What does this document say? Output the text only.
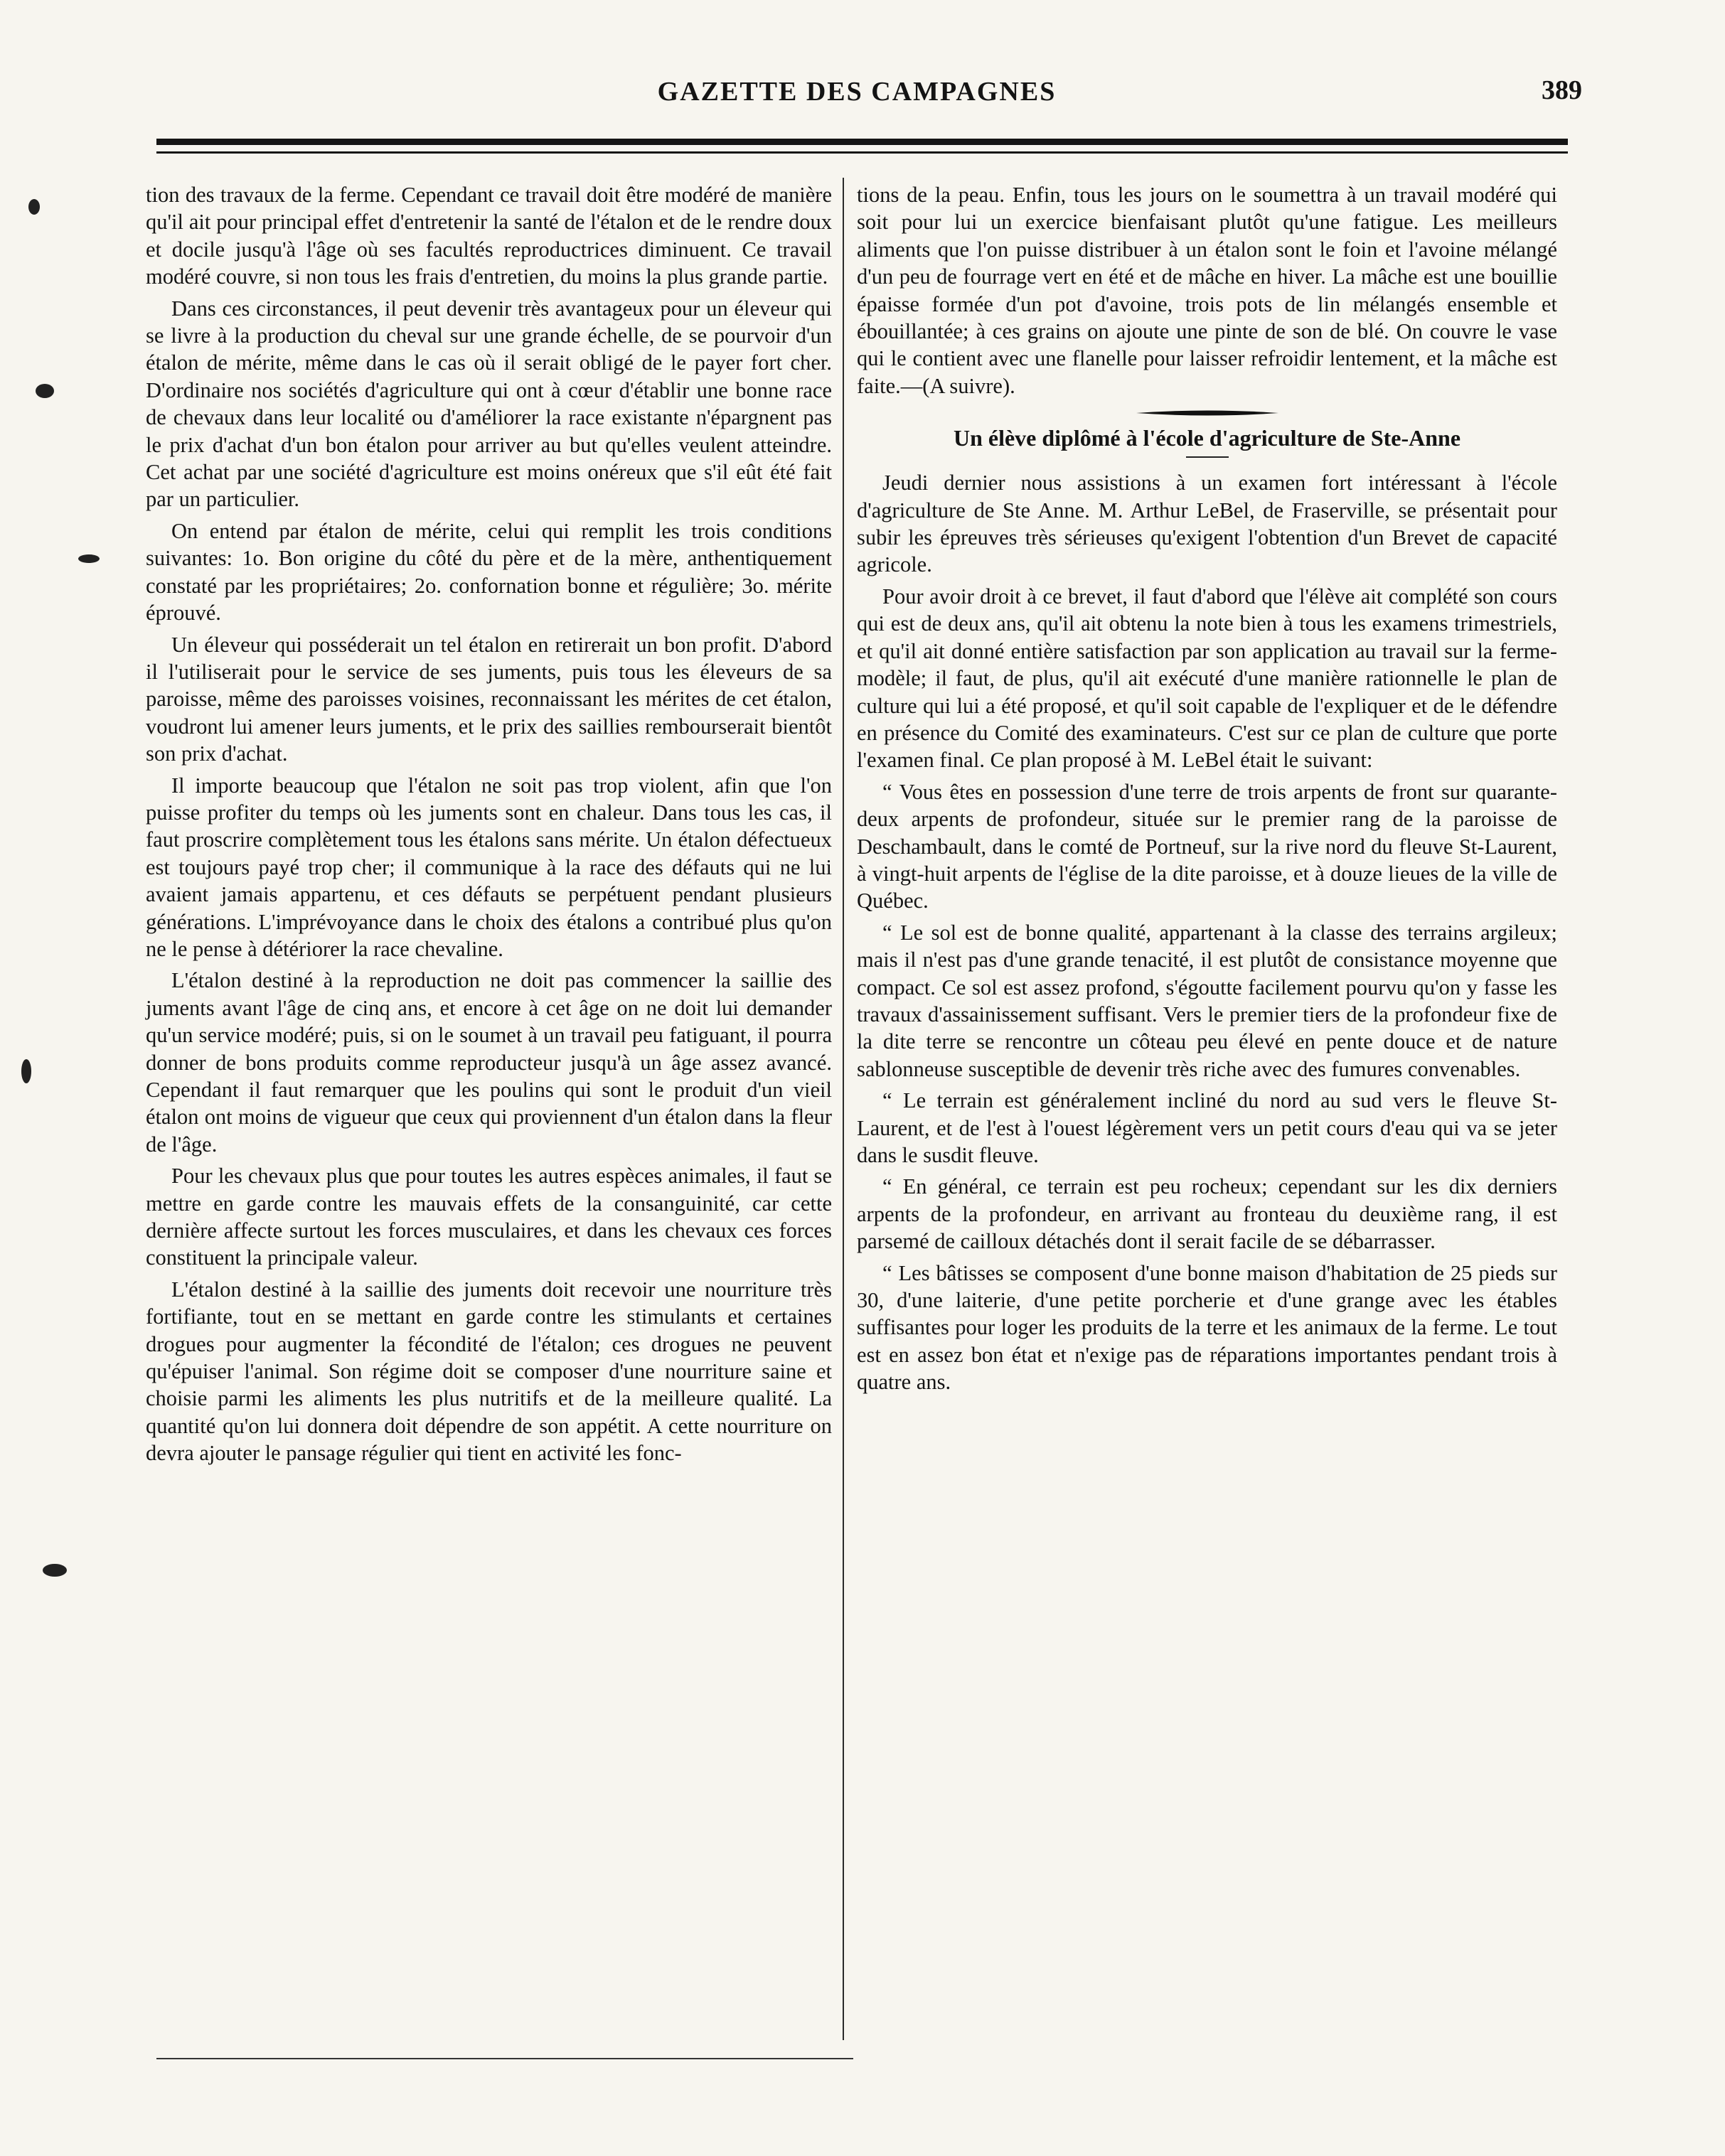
GAZETTE DES CAMPAGNES	389

tion des travaux de la ferme. Cependant ce travail doit être modéré de manière qu'il ait pour principal effet d'entretenir la santé de l'étalon et de le rendre doux et docile jusqu'à l'âge où ses facultés reproductrices diminuent. Ce travail modéré couvre, si non tous les frais d'entretien, du moins la plus grande partie.

Dans ces circonstances, il peut devenir très avantageux pour un éleveur qui se livre à la production du cheval sur une grande échelle, de se pourvoir d'un étalon de mérite, même dans le cas où il serait obligé de le payer fort cher. D'ordinaire nos sociétés d'agriculture qui ont à cœur d'établir une bonne race de chevaux dans leur localité ou d'améliorer la race existante n'épargnent pas le prix d'achat d'un bon étalon pour arriver au but qu'elles veulent atteindre. Cet achat par une société d'agriculture est moins onéreux que s'il eût été fait par un particulier.

On entend par étalon de mérite, celui qui remplit les trois conditions suivantes: 1o. Bon origine du côté du père et de la mère, anthentiquement constaté par les propriétaires; 2o. confornation bonne et régulière; 3o. mérite éprouvé.

Un éleveur qui posséderait un tel étalon en retirerait un bon profit. D'abord il l'utiliserait pour le service de ses juments, puis tous les éleveurs de sa paroisse, même des paroisses voisines, reconnaissant les mérites de cet étalon, voudront lui amener leurs juments, et le prix des saillies rembourserait bientôt son prix d'achat.

Il importe beaucoup que l'étalon ne soit pas trop violent, afin que l'on puisse profiter du temps où les juments sont en chaleur. Dans tous les cas, il faut proscrire complètement tous les étalons sans mérite. Un étalon défectueux est toujours payé trop cher; il communique à la race des défauts qui ne lui avaient jamais appartenu, et ces défauts se perpétuent pendant plusieurs générations. L'imprévoyance dans le choix des étalons a contribué plus qu'on ne le pense à détériorer la race chevaline.

L'étalon destiné à la reproduction ne doit pas commencer la saillie des juments avant l'âge de cinq ans, et encore à cet âge on ne doit lui demander qu'un service modéré; puis, si on le soumet à un travail peu fatiguant, il pourra donner de bons produits comme reproducteur jusqu'à un âge assez avancé. Cependant il faut remarquer que les poulins qui sont le produit d'un vieil étalon ont moins de vigueur que ceux qui proviennent d'un étalon dans la fleur de l'âge.

Pour les chevaux plus que pour toutes les autres espèces animales, il faut se mettre en garde contre les mauvais effets de la consanguinité, car cette dernière affecte surtout les forces musculaires, et dans les chevaux ces forces constituent la principale valeur.

L'étalon destiné à la saillie des juments doit recevoir une nourriture très fortifiante, tout en se mettant en garde contre les stimulants et certaines drogues pour augmenter la fécondité de l'étalon; ces drogues ne peuvent qu'épuiser l'animal. Son régime doit se composer d'une nourriture saine et choisie parmi les aliments les plus nutritifs et de la meilleure qualité. La quantité qu'on lui donnera doit dépendre de son appétit. A cette nourriture on devra ajouter le pansage régulier qui tient en activité les fonc-

tions de la peau. Enfin, tous les jours on le soumettra à un travail modéré qui soit pour lui un exercice bienfaisant plutôt qu'une fatigue. Les meilleurs aliments que l'on puisse distribuer à un étalon sont le foin et l'avoine mélangé d'un peu de fourrage vert en été et de mâche en hiver. La mâche est une bouillie épaisse formée d'un pot d'avoine, trois pots de lin mélangés ensemble et ébouillantée; à ces grains on ajoute une pinte de son de blé. On couvre le vase qui le contient avec une flanelle pour laisser refroidir lentement, et la mâche est faite.—(A suivre).

Un élève diplômé à l'école d'agriculture de Ste-Anne

Jeudi dernier nous assistions à un examen fort intéressant à l'école d'agriculture de Ste Anne. M. Arthur LeBel, de Fraserville, se présentait pour subir les épreuves très sérieuses qu'exigent l'obtention d'un Brevet de capacité agricole.

Pour avoir droit à ce brevet, il faut d'abord que l'élève ait complété son cours qui est de deux ans, qu'il ait obtenu la note bien à tous les examens trimestriels, et qu'il ait donné entière satisfaction par son application au travail sur la ferme-modèle; il faut, de plus, qu'il ait exécuté d'une manière rationnelle le plan de culture qui lui a été proposé, et qu'il soit capable de l'expliquer et de le défendre en présence du Comité des examinateurs. C'est sur ce plan de culture que porte l'examen final. Ce plan proposé à M. LeBel était le suivant:

“ Vous êtes en possession d'une terre de trois arpents de front sur quarante-deux arpents de profondeur, située sur le premier rang de la paroisse de Deschambault, dans le comté de Portneuf, sur la rive nord du fleuve St-Laurent, à vingt-huit arpents de l'église de la dite paroisse, et à douze lieues de la ville de Québec.

“ Le sol est de bonne qualité, appartenant à la classe des terrains argileux; mais il n'est pas d'une grande tenacité, il est plutôt de consistance moyenne que compact. Ce sol est assez profond, s'égoutte facilement pourvu qu'on y fasse les travaux d'assainissement suffisant. Vers le premier tiers de la profondeur fixe de la dite terre se rencontre un côteau peu élevé en pente douce et de nature sablonneuse susceptible de devenir très riche avec des fumures convenables.

“ Le terrain est généralement incliné du nord au sud vers le fleuve St-Laurent, et de l'est à l'ouest légèrement vers un petit cours d'eau qui va se jeter dans le susdit fleuve.

“ En général, ce terrain est peu rocheux; cependant sur les dix derniers arpents de la profondeur, en arrivant au fronteau du deuxième rang, il est parsemé de cailloux détachés dont il serait facile de se débarrasser.

“ Les bâtisses se composent d'une bonne maison d'habitation de 25 pieds sur 30, d'une laiterie, d'une petite porcherie et d'une grange avec les étables suffisantes pour loger les produits de la terre et les animaux de la ferme. Le tout est en assez bon état et n'exige pas de réparations importantes pendant trois à quatre ans.
